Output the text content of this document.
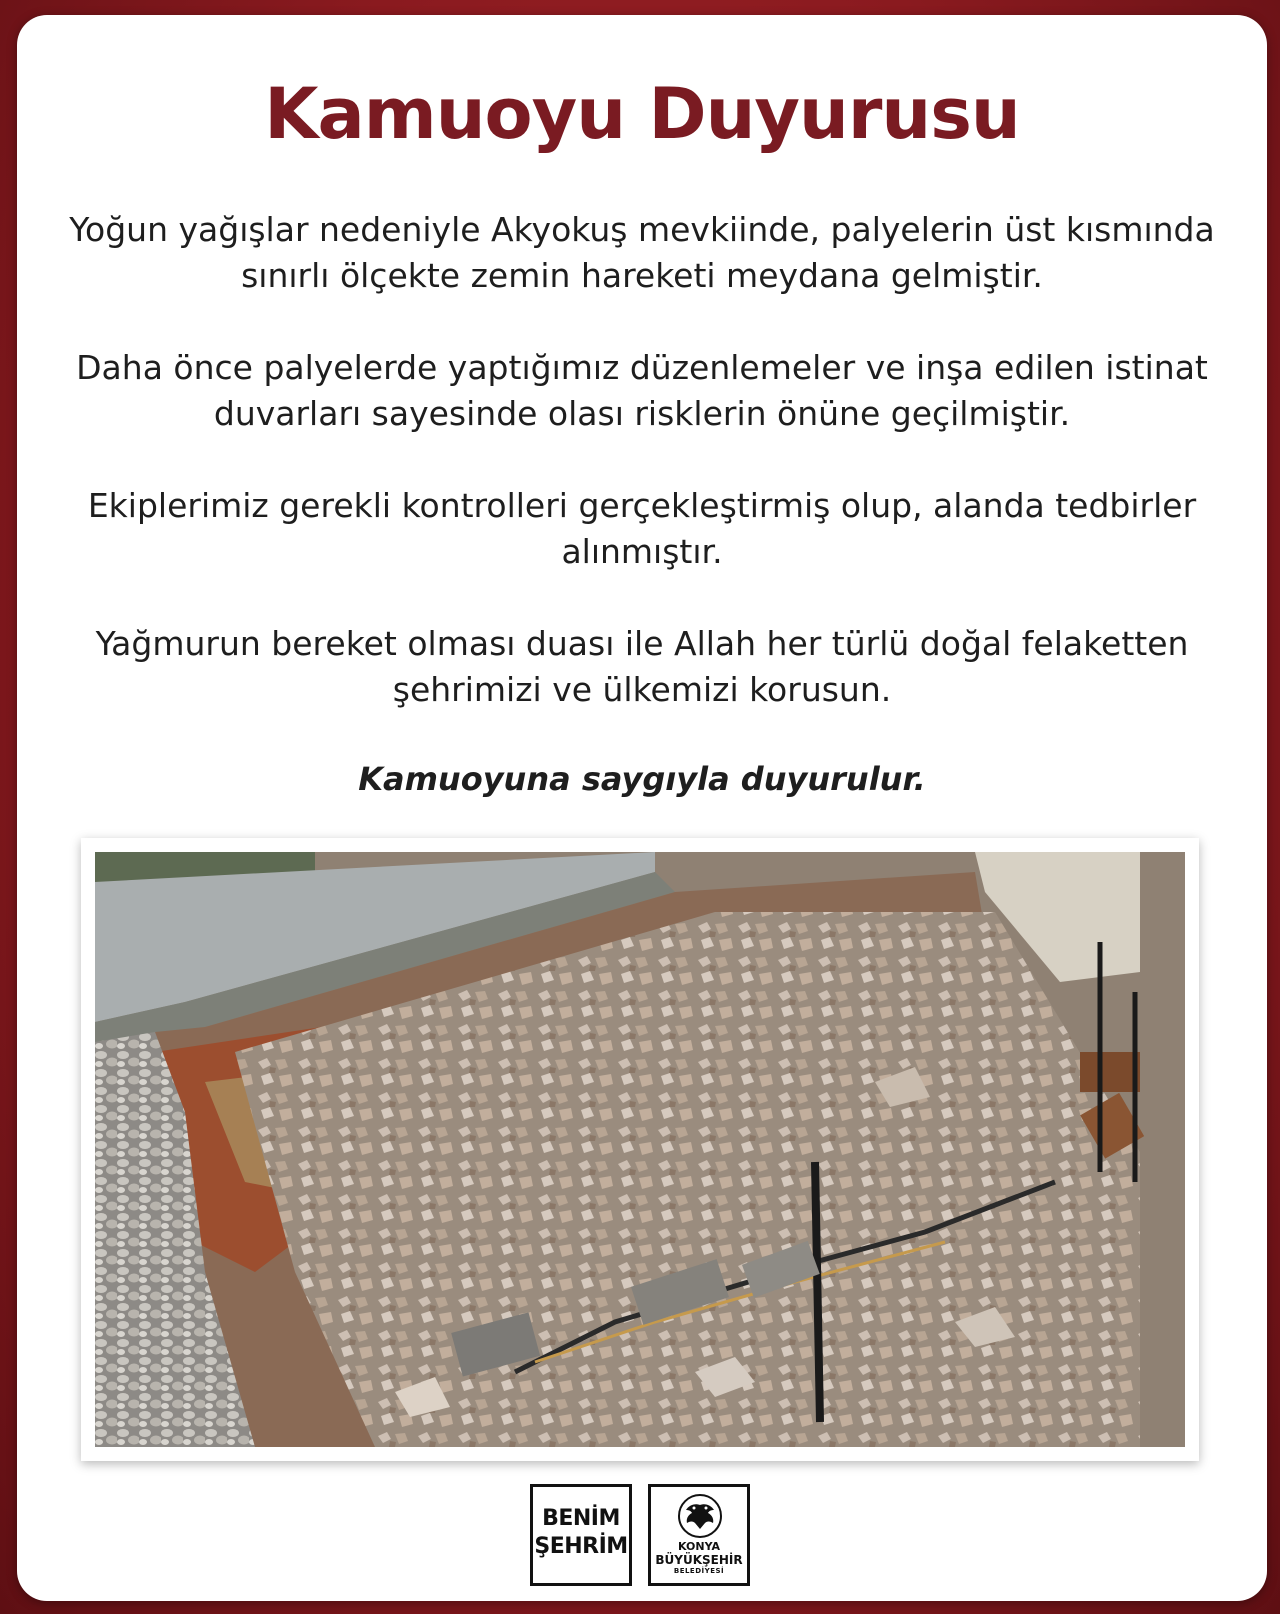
Kamuoyu Duyurusu

Yoğun yağışlar nedeniyle Akyokuş mevkiinde, palyelerin üst kısmında sınırlı ölçekte zemin hareketi meydana gelmiştir.

Daha önce palyelerde yaptığımız düzenlemeler ve inşa edilen istinat duvarları sayesinde olası risklerin önüne geçilmiştir.

Ekiplerimiz gerekli kontrolleri gerçekleştirmiş olup, alanda tedbirler alınmıştır.

Yağmurun bereket olması duası ile Allah her türlü doğal felaketten şehrimizi ve ülkemizi korusun.

Kamuoyuna saygıyla duyurulur.

BENİM
ŞEHRİM	KONYA
BÜYÜKŞEHİR
BELEDİYESİ
